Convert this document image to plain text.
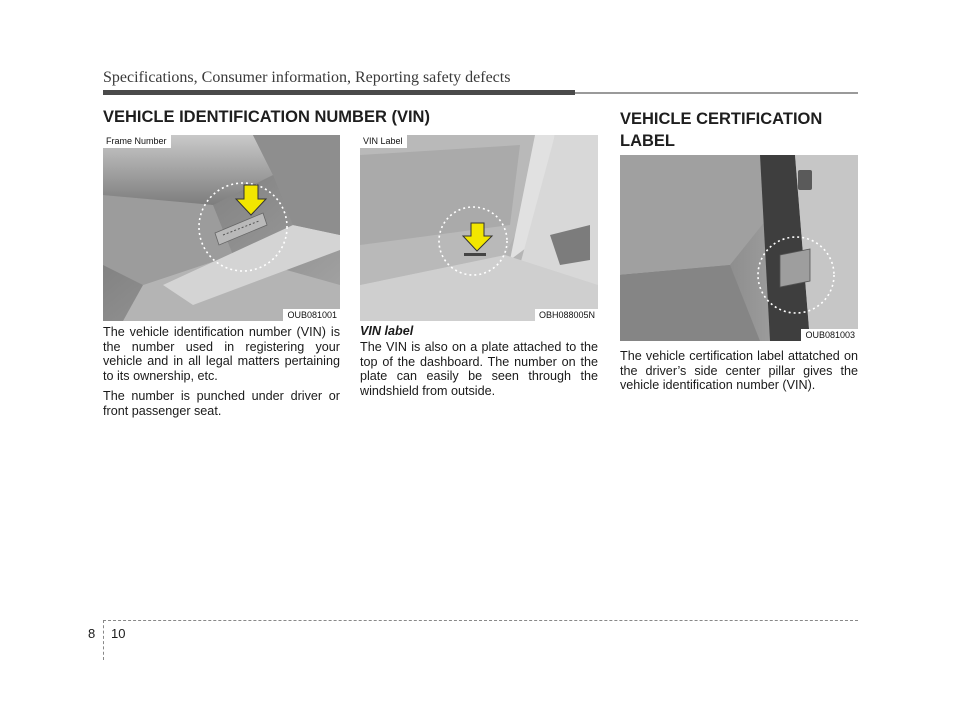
Specifications, Consumer information, Reporting safety defects
VEHICLE IDENTIFICATION NUMBER (VIN)	VEHICLE CERTIFICATION LABEL
Frame Number
OUB081001
VIN Label
OBH088005N
OUB081003

The vehicle identification number (VIN) is the number used in registering your vehicle and in all legal matters pertaining to its ownership, etc.

The number is punched under driver or front passenger seat.

VIN label

The VIN is also on a plate attached to the top of the dashboard. The number on the plate can easily be seen through the windshield from outside.

The vehicle certification label attatched on the driver’s side center pillar gives the vehicle identification number (VIN).

8 10
